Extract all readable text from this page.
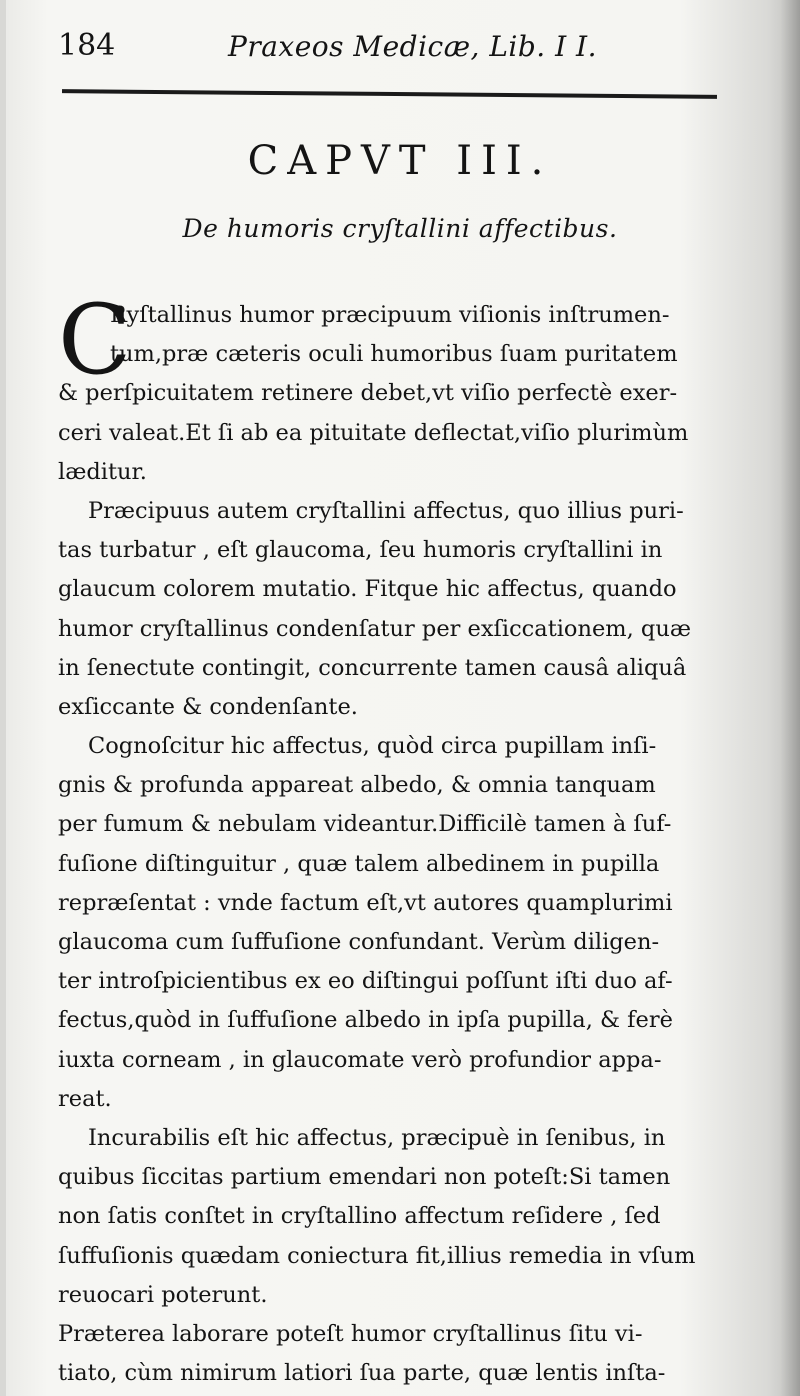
184	Praxeos Medicæ, Lib. I I.
CAPVT III.
De humoris cryſtallini affectibus.
C
Ryſtallinus humor præcipuum viſionis inſtrumen-
tum,præ cæteris oculi humoribus ſuam puritatem
& perſpicuitatem retinere debet,vt viſio perfectè exer-
ceri valeat.Et ſi ab ea pituitate deflectat,viſio plurimùm
læditur.
Præcipuus autem cryſtallini affectus, quo illius puri-
tas turbatur , eſt glaucoma, ſeu humoris cryſtallini in
glaucum colorem mutatio. Fitque hic affectus, quando
humor cryſtallinus condenſatur per exſiccationem, quæ
in ſenectute contingit, concurrente tamen causâ aliquâ
exſiccante & condenſante.
Cognoſcitur hic affectus, quòd circa pupillam inſi-
gnis & profunda appareat albedo, & omnia tanquam
per fumum & nebulam videantur.Difficilè tamen à ſuf-
fuſione diſtinguitur , quæ talem albedinem in pupilla
repræſentat : vnde factum eſt,vt autores quamplurimi
glaucoma cum ſuffuſione confundant. Verùm diligen-
ter introſpicientibus ex eo diſtingui poſſunt iſti duo af-
fectus,quòd in ſuffuſione albedo in ipſa pupilla, & ferè
iuxta corneam , in glaucomate verò profundior appa-
reat.
Incurabilis eſt hic affectus, præcipuè in ſenibus, in
quibus ſiccitas partium emendari non poteſt:Si tamen
non ſatis conſtet in cryſtallino affectum reſidere , ſed
ſuffuſionis quædam coniectura fit,illius remedia in vſum
reuocari poterunt.
Præterea laborare poteſt humor cryſtallinus ſitu vi-
tiato, cùm nimirum latiori ſua parte, quæ lentis inſta-
